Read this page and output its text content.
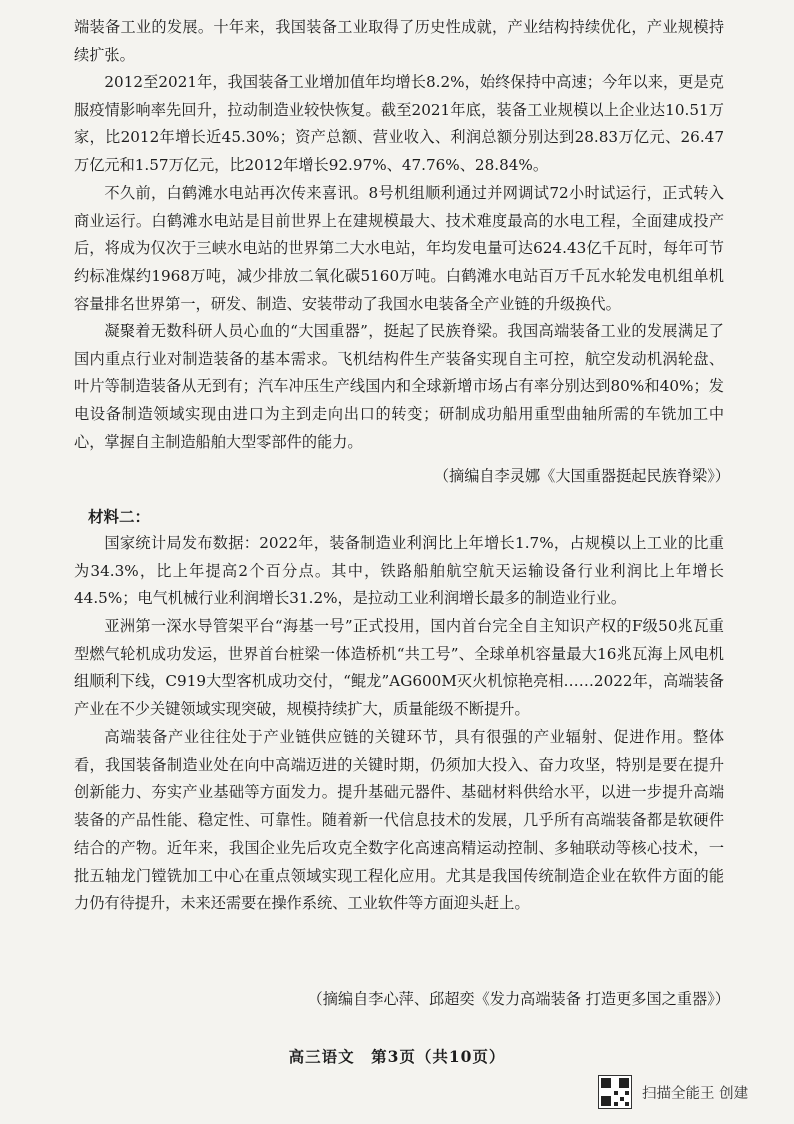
端装备工业的发展。十年来，我国装备工业取得了历史性成就，产业结构持续优化，产业规模持续扩张。

2012至2021年，我国装备工业增加值年均增长8.2%，始终保持中高速；今年以来，更是克服疫情影响率先回升，拉动制造业较快恢复。截至2021年底，装备工业规模以上企业达10.51万家，比2012年增长近45.30%；资产总额、营业收入、利润总额分别达到28.83万亿元、26.47万亿元和1.57万亿元，比2012年增长92.97%、47.76%、28.84%。

不久前，白鹤滩水电站再次传来喜讯。8号机组顺利通过并网调试72小时试运行，正式转入商业运行。白鹤滩水电站是目前世界上在建规模最大、技术难度最高的水电工程，全面建成投产后，将成为仅次于三峡水电站的世界第二大水电站，年均发电量可达624.43亿千瓦时，每年可节约标准煤约1968万吨，减少排放二氧化碳5160万吨。白鹤滩水电站百万千瓦水轮发电机组单机容量排名世界第一，研发、制造、安装带动了我国水电装备全产业链的升级换代。

凝聚着无数科研人员心血的“大国重器”，挺起了民族脊梁。我国高端装备工业的发展满足了国内重点行业对制造装备的基本需求。飞机结构件生产装备实现自主可控，航空发动机涡轮盘、叶片等制造装备从无到有；汽车冲压生产线国内和全球新增市场占有率分别达到80%和40%；发电设备制造领域实现由进口为主到走向出口的转变；研制成功船用重型曲轴所需的车铣加工中心，掌握自主制造船舶大型零部件的能力。

（摘编自李灵娜《大国重器挺起民族脊梁》）

材料二：

国家统计局发布数据：2022年，装备制造业利润比上年增长1.7%，占规模以上工业的比重为34.3%，比上年提高2个百分点。其中，铁路船舶航空航天运输设备行业利润比上年增长44.5%；电气机械行业利润增长31.2%，是拉动工业利润增长最多的制造业行业。

亚洲第一深水导管架平台“海基一号”正式投用，国内首台完全自主知识产权的F级50兆瓦重型燃气轮机成功发运，世界首台桩梁一体造桥机“共工号”、全球单机容量最大16兆瓦海上风电机组顺利下线，C919大型客机成功交付，“鲲龙”AG600M灭火机惊艳亮相……2022年，高端装备产业在不少关键领域实现突破，规模持续扩大，质量能级不断提升。

高端装备产业往往处于产业链供应链的关键环节，具有很强的产业辐射、促进作用。整体看，我国装备制造业处在向中高端迈进的关键时期，仍须加大投入、奋力攻坚，特别是要在提升创新能力、夯实产业基础等方面发力。提升基础元器件、基础材料供给水平，以进一步提升高端装备的产品性能、稳定性、可靠性。随着新一代信息技术的发展，几乎所有高端装备都是软硬件结合的产物。近年来，我国企业先后攻克全数字化高速高精运动控制、多轴联动等核心技术，一批五轴龙门镗铣加工中心在重点领域实现工程化应用。尤其是我国传统制造企业在软件方面的能力仍有待提升，未来还需要在操作系统、工业软件等方面迎头赶上。

（摘编自李心萍、邱超奕《发力高端装备 打造更多国之重器》）

高三语文　第3页（共10页）

扫描全能王 创建
